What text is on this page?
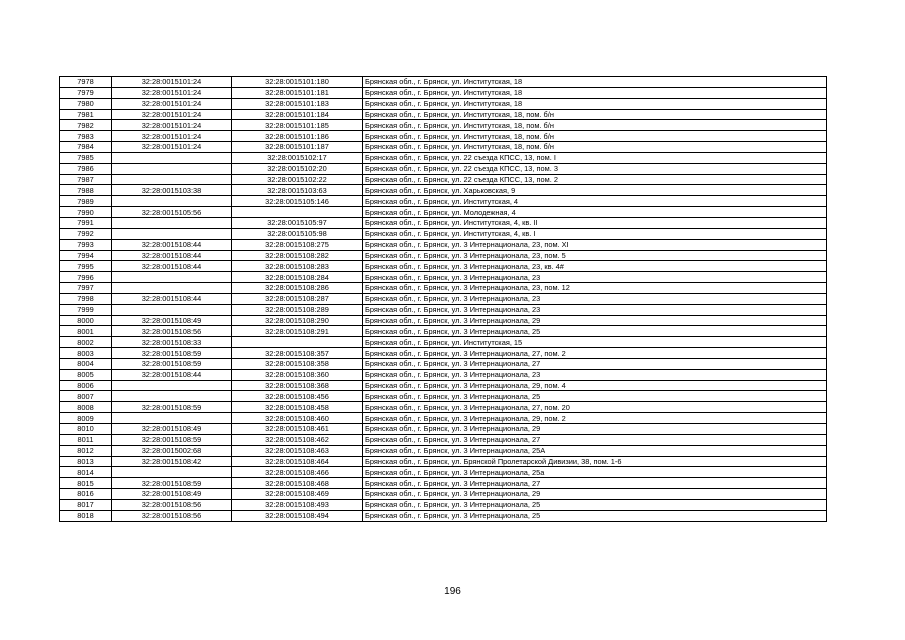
7978	32:28:0015101:24	32:28:0015101:180	Брянская обл., г. Брянск, ул. Институтская, 18
7979	32:28:0015101:24	32:28:0015101:181	Брянская обл., г. Брянск, ул. Институтская, 18
7980	32:28:0015101:24	32:28:0015101:183	Брянская обл., г. Брянск, ул. Институтская, 18
7981	32:28:0015101:24	32:28:0015101:184	Брянская обл., г. Брянск, ул. Институтская, 18, пом. б/н
7982	32:28:0015101:24	32:28:0015101:185	Брянская обл., г. Брянск, ул. Институтская, 18, пом. б/н
7983	32:28:0015101:24	32:28:0015101:186	Брянская обл., г. Брянск, ул. Институтская, 18, пом. б/н
7984	32:28:0015101:24	32:28:0015101:187	Брянская обл., г. Брянск, ул. Институтская, 18, пом. б/н
7985		32:28:0015102:17	Брянская обл., г. Брянск, ул. 22 съезда КПСС, 13, пом. I
7986		32:28:0015102:20	Брянская обл., г. Брянск, ул. 22 съезда КПСС, 13, пом. 3
7987		32:28:0015102:22	Брянская обл., г. Брянск, ул. 22 съезда КПСС, 13, пом. 2
7988	32:28:0015103:38	32:28:0015103:63	Брянская обл., г. Брянск, ул. Харьковская, 9
7989		32:28:0015105:146	Брянская обл., г. Брянск, ул. Институтская, 4
7990	32:28:0015105:56		Брянская обл., г. Брянск, ул. Молодежная, 4
7991		32:28:0015105:97	Брянская обл., г. Брянск, ул. Институтская, 4, кв. II
7992		32:28:0015105:98	Брянская обл., г. Брянск, ул. Институтская, 4, кв. I
7993	32:28:0015108:44	32:28:0015108:275	Брянская обл., г. Брянск, ул. 3 Интернационала, 23, пом. XI
7994	32:28:0015108:44	32:28:0015108:282	Брянская обл., г. Брянск, ул. 3 Интернационала, 23, пом. 5
7995	32:28:0015108:44	32:28:0015108:283	Брянская обл., г. Брянск, ул. 3 Интернационала, 23, кв. 4#
7996		32:28:0015108:284	Брянская обл., г. Брянск, ул. 3 Интернационала, 23
7997		32:28:0015108:286	Брянская обл., г. Брянск, ул. 3 Интернационала, 23, пом. 12
7998	32:28:0015108:44	32:28:0015108:287	Брянская обл., г. Брянск, ул. 3 Интернационала, 23
7999		32:28:0015108:289	Брянская обл., г. Брянск, ул. 3 Интернационала, 23
8000	32:28:0015108:49	32:28:0015108:290	Брянская обл., г. Брянск, ул. 3 Интернационала, 29
8001	32:28:0015108:56	32:28:0015108:291	Брянская обл., г. Брянск, ул. 3 Интернационала, 25
8002	32:28:0015108:33		Брянская обл., г. Брянск, ул. Институтская, 15
8003	32:28:0015108:59	32:28:0015108:357	Брянская обл., г. Брянск, ул. 3 Интернационала, 27, пом. 2
8004	32:28:0015108:59	32:28:0015108:358	Брянская обл., г. Брянск, ул. 3 Интернационала, 27
8005	32:28:0015108:44	32:28:0015108:360	Брянская обл., г. Брянск, ул. 3 Интернационала, 23
8006		32:28:0015108:368	Брянская обл., г. Брянск, ул. 3 Интернационала, 29, пом. 4
8007		32:28:0015108:456	Брянская обл., г. Брянск, ул. 3 Интернационала, 25
8008	32:28:0015108:59	32:28:0015108:458	Брянская обл., г. Брянск, ул. 3 Интернационала, 27, пом. 20
8009		32:28:0015108:460	Брянская обл., г. Брянск, ул. 3 Интернационала, 29, пом. 2
8010	32:28:0015108:49	32:28:0015108:461	Брянская обл., г. Брянск, ул. 3 Интернационала, 29
8011	32:28:0015108:59	32:28:0015108:462	Брянская обл., г. Брянск, ул. 3 Интернационала, 27
8012	32:28:0015002:68	32:28:0015108:463	Брянская обл., г. Брянск, ул. 3 Интернационала, 25А
8013	32:28:0015108:42	32:28:0015108:464	Брянская обл., г. Брянск, ул. Брянской Пролетарской Дивизии, 38, пом. 1-6
8014		32:28:0015108:466	Брянская обл., г. Брянск, ул. 3 Интернационала, 25а
8015	32:28:0015108:59	32:28:0015108:468	Брянская обл., г. Брянск, ул. 3 Интернационала, 27
8016	32:28:0015108:49	32:28:0015108:469	Брянская обл., г. Брянск, ул. 3 Интернационала, 29
8017	32:28:0015108:56	32:28:0015108:493	Брянская обл., г. Брянск, ул. 3 Интернационала, 25
8018	32:28:0015108:56	32:28:0015108:494	Брянская обл., г. Брянск, ул. 3 Интернационала, 25
196
